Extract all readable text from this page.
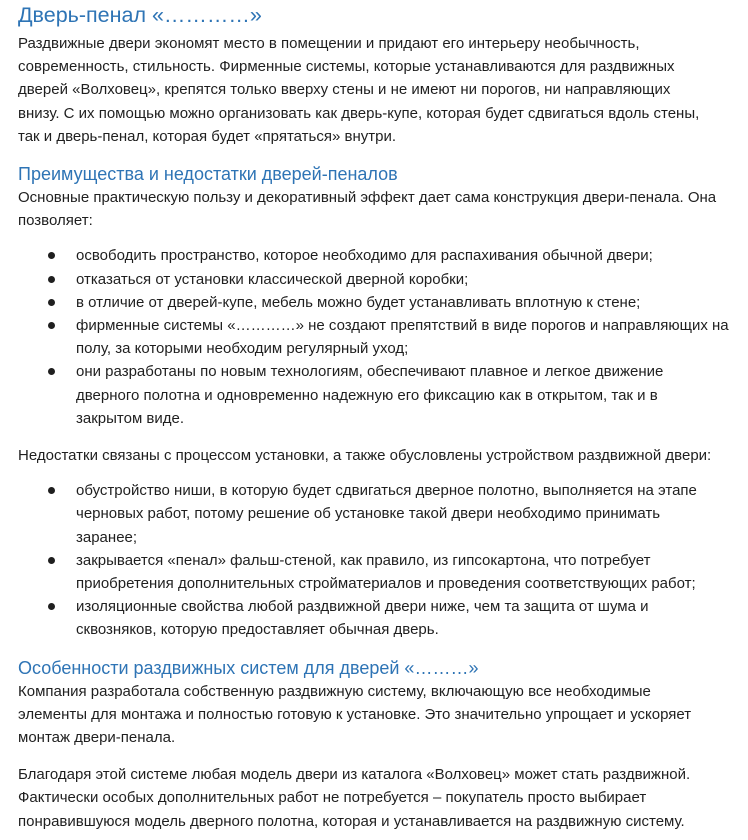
Дверь-пенал «…………»

Раздвижные двери экономят место в помещении и придают его интерьеру необычность,
современность, стильность. Фирменные системы, которые устанавливаются для раздвижных
дверей «Волховец», крепятся только вверху стены и не имеют ни порогов, ни направляющих
внизу. С их помощью можно организовать как дверь-купе, которая будет сдвигаться вдоль стены,
так и дверь-пенал, которая будет «прятаться» внутри.

Преимущества и недостатки дверей-пеналов

Основные практическую пользу и декоративный эффект дает сама конструкция двери-пенала. Она
позволяет:

освободить пространство, которое необходимо для распахивания обычной двери;
отказаться от установки классической дверной коробки;
в отличие от дверей-купе, мебель можно будет устанавливать вплотную к стене;
фирменные системы «…………» не создают препятствий в виде порогов и направляющих на
полу, за которыми необходим регулярный уход;
они разработаны по новым технологиям, обеспечивают плавное и легкое движение
дверного полотна и одновременно надежную его фиксацию как в открытом, так и в
закрытом виде.

Недостатки связаны с процессом установки, а также обусловлены устройством раздвижной двери:

обустройство ниши, в которую будет сдвигаться дверное полотно, выполняется на этапе
черновых работ, потому решение об установке такой двери необходимо принимать
заранее;
закрывается «пенал» фальш-стеной, как правило, из гипсокартона, что потребует
приобретения дополнительных стройматериалов и проведения соответствующих работ;
изоляционные свойства любой раздвижной двери ниже, чем та защита от шума и
сквозняков, которую предоставляет обычная дверь.
Особенности раздвижных систем для дверей «………»

Компания разработала собственную раздвижную систему, включающую все необходимые
элементы для монтажа и полностью готовую к установке. Это значительно упрощает и ускоряет
монтаж двери-пенала.

Благодаря этой системе любая модель двери из каталога «Волховец» может стать раздвижной.
Фактически особых дополнительных работ не потребуется – покупатель просто выбирает
понравившуюся модель дверного полотна, которая и устанавливается на раздвижную систему.
